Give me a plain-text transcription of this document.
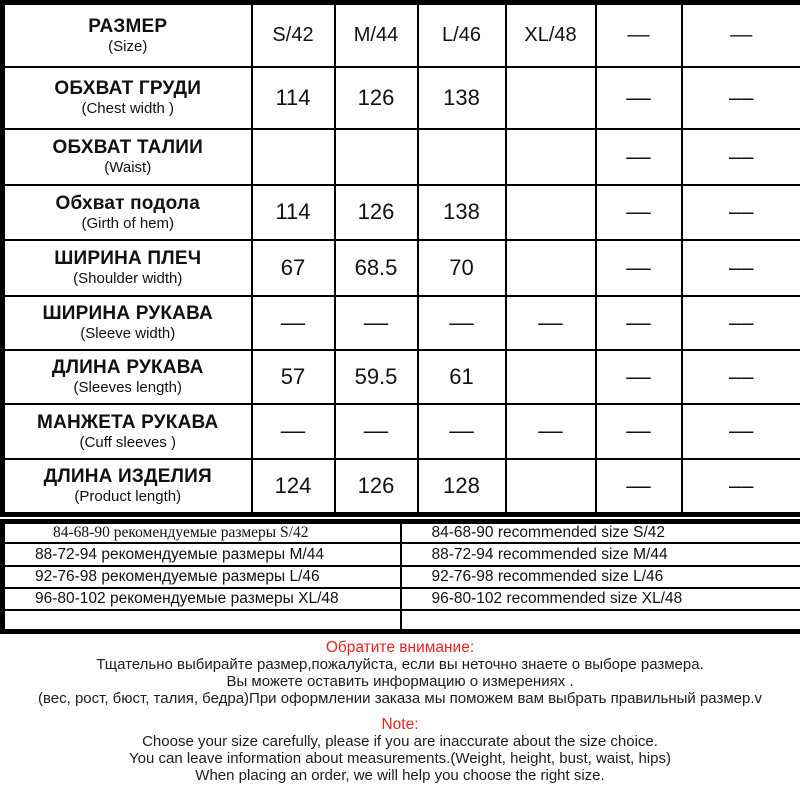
РАЗМЕР
(Size)	S/42	M/44	L/46	XL/48	––	––

ОБХВАТ ГРУДИ
(Chest width )	114	126	138		––	––

ОБХВАТ ТАЛИИ
(Waist)					––	––

Обхват подола
(Girth of hem)	114	126	138		––	––

ШИРИНА ПЛЕЧ
(Shoulder width)	67	68.5	70		––	––

ШИРИНА РУКАВА
(Sleeve width)	––	––	––	––	––	––

ДЛИНА РУКАВА
(Sleeves length)	57	59.5	61		––	––

МАНЖЕТА РУКАВА
(Cuff sleeves )	––	––	––	––	––	––

ДЛИНА ИЗДЕЛИЯ
(Product length)	124	126	128		––	––
84-68-90 рекомендуемые размеры S/42	84-68-90 recommended size S/42
88-72-94 рекомендуемые размеры M/44	88-72-94 recommended size M/44
92-76-98 рекомендуемые размеры L/46	92-76-98 recommended size L/46
96-80-102 рекомендуемые размеры XL/48	96-80-102 recommended size XL/48

Обратите внимание:
Тщательно выбирайте размер,пожалуйста, если вы неточно знаете о выборе размера.
Вы можете оставить информацию о измерениях .
(вес, рост, бюст, талия, бедра)При оформлении заказа мы поможем вам выбрать правильный размер.v
Note:
Choose your size carefully, please if you are inaccurate about the size choice.
You can leave information about measurements.(Weight, height, bust, waist, hips)
When placing an order, we will help you choose the right size.
